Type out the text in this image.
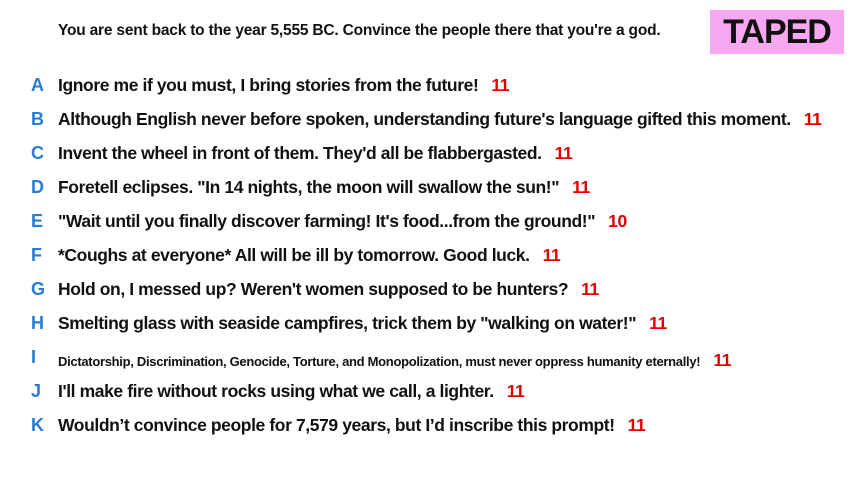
You are sent back to the year 5,555 BC. Convince the people there that you're a god.	TAPED
A Ignore me if you must, I bring stories from the future! 11
B Although English never before spoken, understanding future's language gifted this moment. 11
C Invent the wheel in front of them. They'd all be flabbergasted. 11
D Foretell eclipses. "In 14 nights, the moon will swallow the sun!" 11
E "Wait until you finally discover farming! It's food...from the ground!" 10
F *Coughs at everyone* All will be ill by tomorrow. Good luck. 11
G Hold on, I messed up? Weren't women supposed to be hunters? 11
H Smelting glass with seaside campfires, trick them by "walking on water!" 11
I Dictatorship, Discrimination, Genocide, Torture, and Monopolization, must never oppress humanity eternally! 11
J I'll make fire without rocks using what we call, a lighter. 11
K Wouldn’t convince people for 7,579 years, but I’d inscribe this prompt! 11
